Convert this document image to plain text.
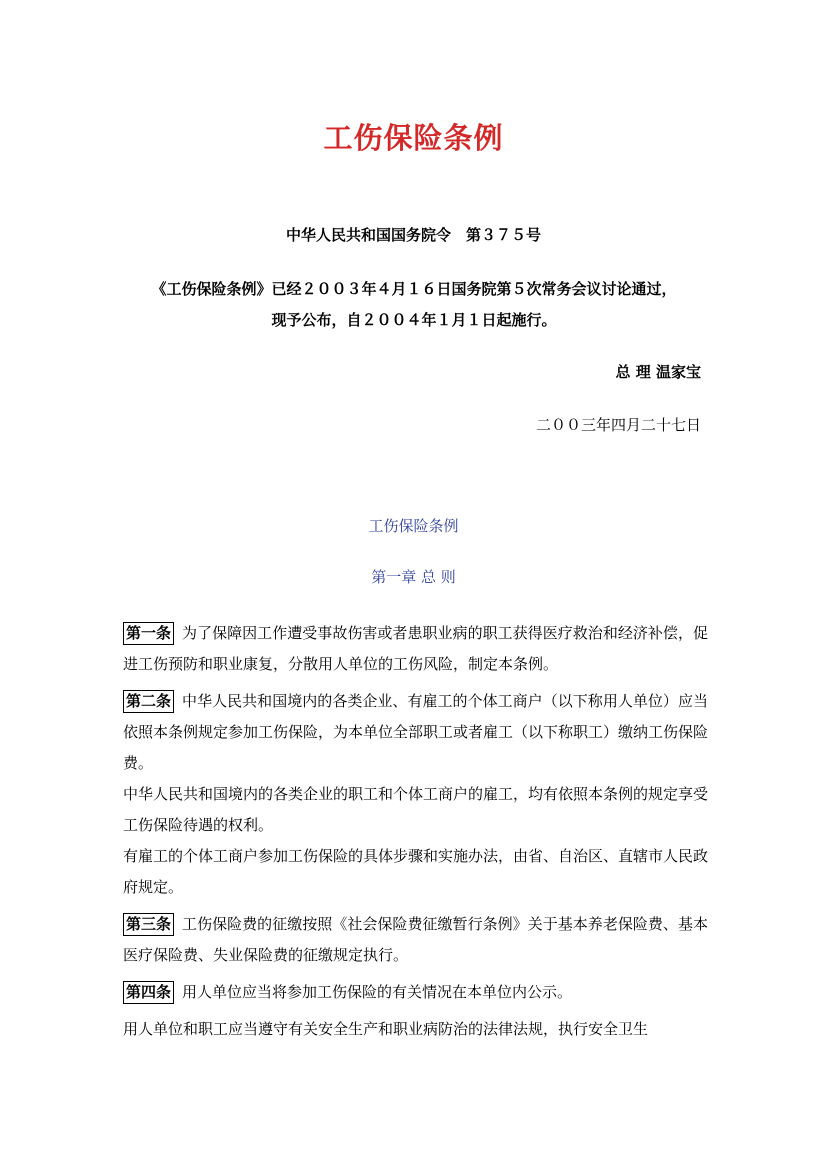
工伤保险条例
中华人民共和国国务院令　第３７５号
《工伤保险条例》已经２００３年４月１６日国务院第５次常务会议讨论通过，
现予公布，自２００４年１月１日起施行。
总 理 温家宝
二００三年四月二十七日
工伤保险条例
第一章 总 则

第一条 为了保障因工作遭受事故伤害或者患职业病的职工获得医疗救治和经济补偿，促进工伤预防和职业康复，分散用人单位的工伤风险，制定本条例。

第二条 中华人民共和国境内的各类企业、有雇工的个体工商户（以下称用人单位）应当依照本条例规定参加工伤保险，为本单位全部职工或者雇工（以下称职工）缴纳工伤保险费。

中华人民共和国境内的各类企业的职工和个体工商户的雇工，均有依照本条例的规定享受工伤保险待遇的权利。

有雇工的个体工商户参加工伤保险的具体步骤和实施办法，由省、自治区、直辖市人民政府规定。

第三条 工伤保险费的征缴按照《社会保险费征缴暂行条例》关于基本养老保险费、基本医疗保险费、失业保险费的征缴规定执行。

第四条 用人单位应当将参加工伤保险的有关情况在本单位内公示。

用人单位和职工应当遵守有关安全生产和职业病防治的法律法规，执行安全卫生
